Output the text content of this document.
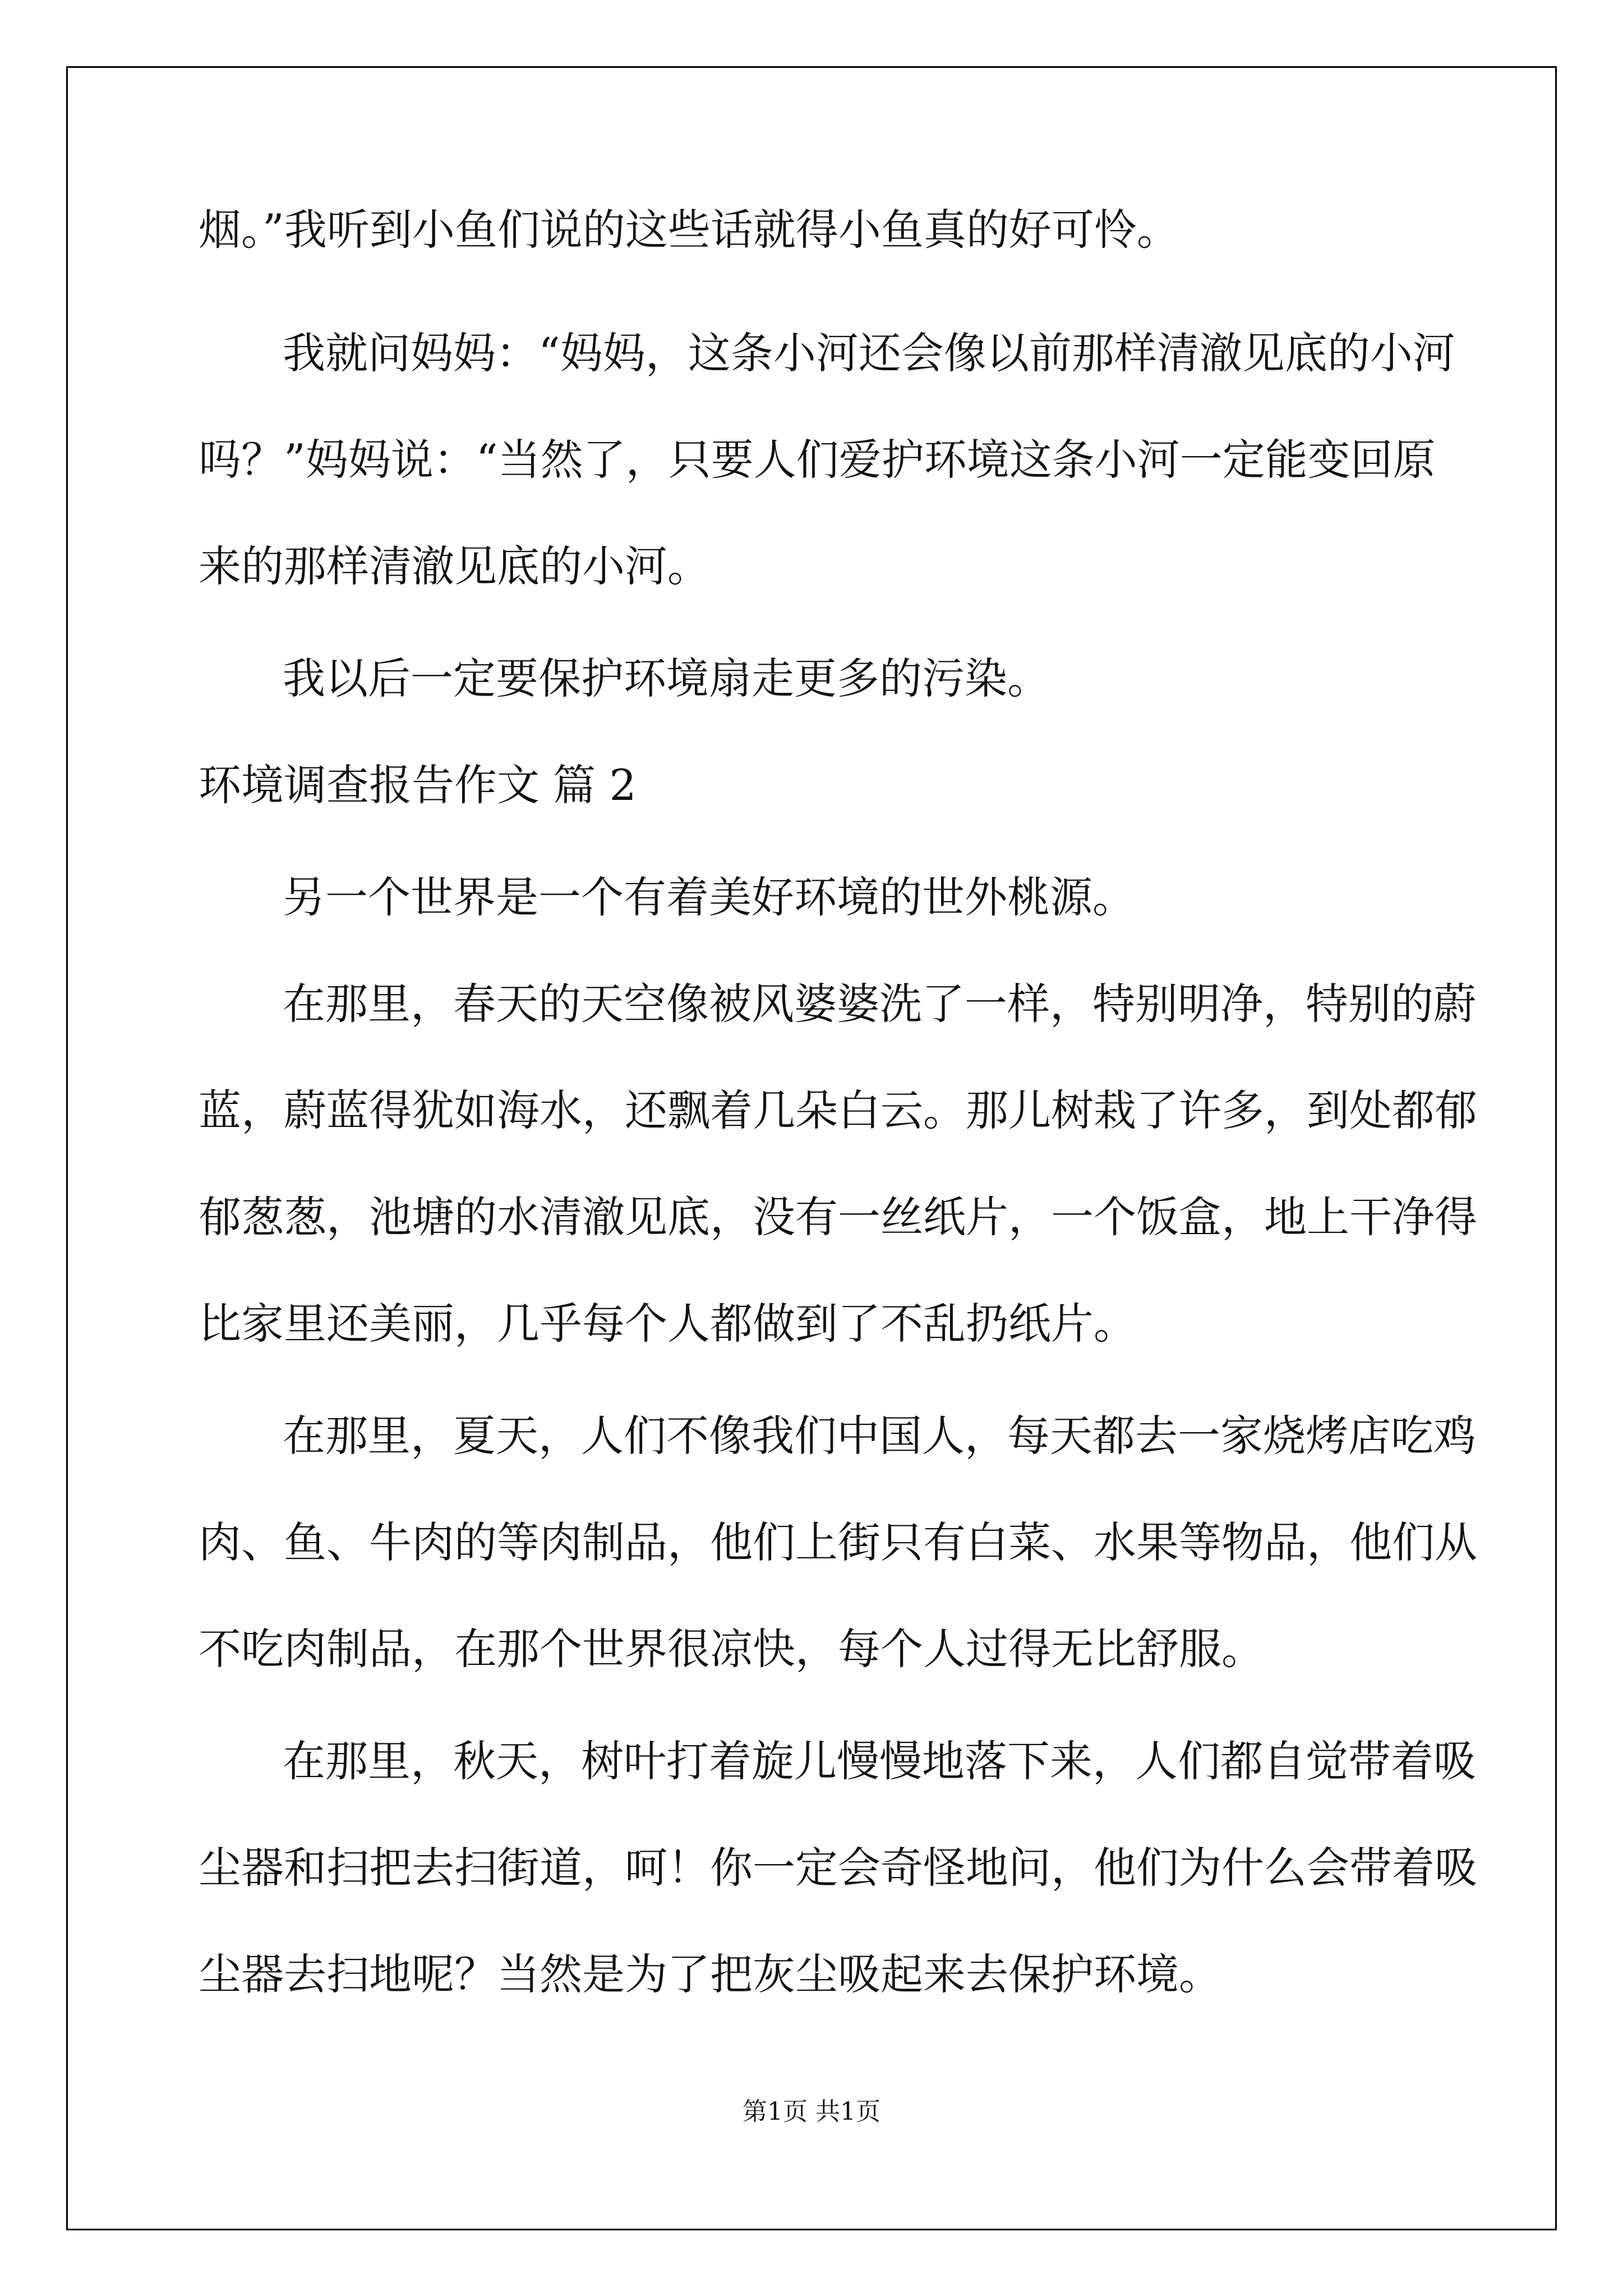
烟。”我听到小鱼们说的这些话就得小鱼真的好可怜。
我就问妈妈：“妈妈，这条小河还会像以前那样清澈见底的小河
吗？”妈妈说：“当然了，只要人们爱护环境这条小河一定能变回原
来的那样清澈见底的小河。
我以后一定要保护环境扇走更多的污染。
环境调查报告作文 篇 2
另一个世界是一个有着美好环境的世外桃源。
在那里，春天的天空像被风婆婆洗了一样，特别明净，特别的蔚
蓝，蔚蓝得犹如海水，还飘着几朵白云。那儿树栽了许多，到处都郁
郁葱葱，池塘的水清澈见底，没有一丝纸片，一个饭盒，地上干净得
比家里还美丽，几乎每个人都做到了不乱扔纸片。
在那里，夏天，人们不像我们中国人，每天都去一家烧烤店吃鸡
肉、鱼、牛肉的等肉制品，他们上街只有白菜、水果等物品，他们从
不吃肉制品，在那个世界很凉快，每个人过得无比舒服。
在那里，秋天，树叶打着旋儿慢慢地落下来，人们都自觉带着吸
尘器和扫把去扫街道，呵！你一定会奇怪地问，他们为什么会带着吸
尘器去扫地呢？当然是为了把灰尘吸起来去保护环境。
第1页 共1页
